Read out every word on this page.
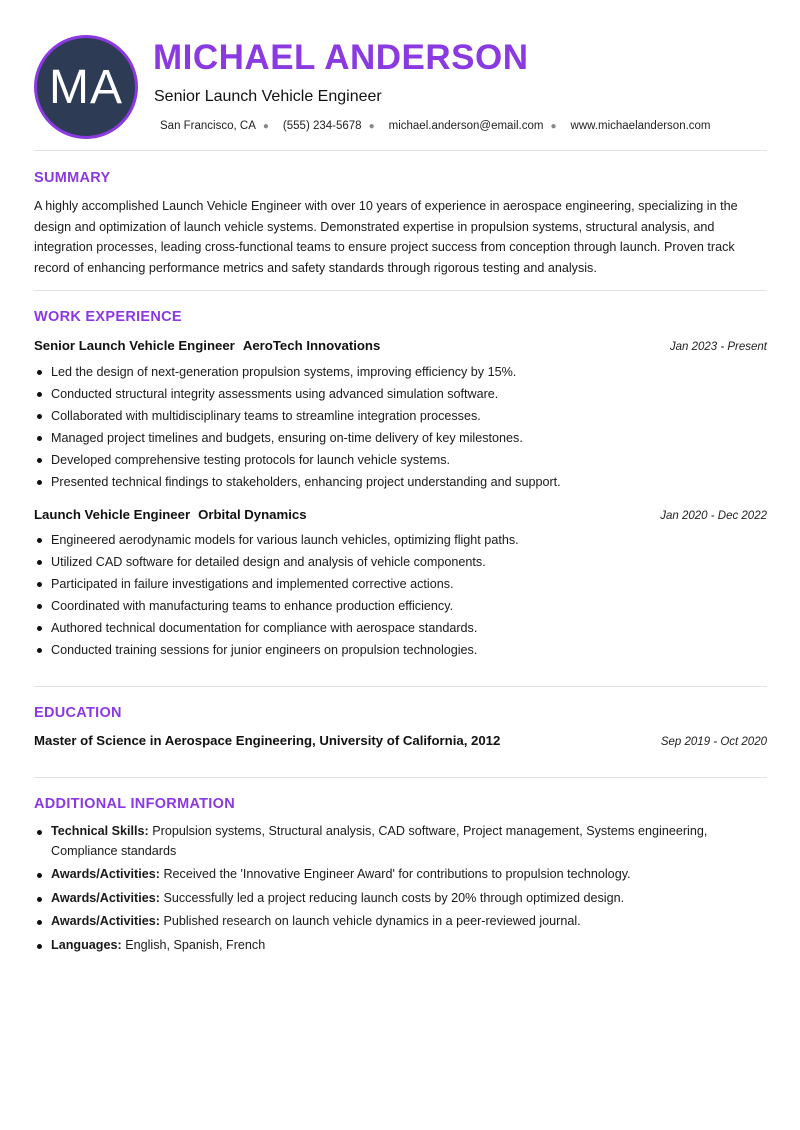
MA
MICHAEL ANDERSON
Senior Launch Vehicle Engineer
San Francisco, CA ● (555) 234-5678 ● michael.anderson@email.com ● www.michaelanderson.com
SUMMARY
A highly accomplished Launch Vehicle Engineer with over 10 years of experience in aerospace engineering, specializing in the design and optimization of launch vehicle systems. Demonstrated expertise in propulsion systems, structural analysis, and integration processes, leading cross-functional teams to ensure project success from conception through launch. Proven track record of enhancing performance metrics and safety standards through rigorous testing and analysis.
WORK EXPERIENCE
Senior Launch Vehicle Engineer AeroTech Innovations	Jan 2023 - Present
Led the design of next-generation propulsion systems, improving efficiency by 15%.
Conducted structural integrity assessments using advanced simulation software.
Collaborated with multidisciplinary teams to streamline integration processes.
Managed project timelines and budgets, ensuring on-time delivery of key milestones.
Developed comprehensive testing protocols for launch vehicle systems.
Presented technical findings to stakeholders, enhancing project understanding and support.
Launch Vehicle Engineer Orbital Dynamics	Jan 2020 - Dec 2022
Engineered aerodynamic models for various launch vehicles, optimizing flight paths.
Utilized CAD software for detailed design and analysis of vehicle components.
Participated in failure investigations and implemented corrective actions.
Coordinated with manufacturing teams to enhance production efficiency.
Authored technical documentation for compliance with aerospace standards.
Conducted training sessions for junior engineers on propulsion technologies.
EDUCATION
Master of Science in Aerospace Engineering, University of California, 2012	Sep 2019 - Oct 2020
ADDITIONAL INFORMATION
Technical Skills: Propulsion systems, Structural analysis, CAD software, Project management, Systems engineering, Compliance standards
Awards/Activities: Received the 'Innovative Engineer Award' for contributions to propulsion technology.
Awards/Activities: Successfully led a project reducing launch costs by 20% through optimized design.
Awards/Activities: Published research on launch vehicle dynamics in a peer-reviewed journal.
Languages: English, Spanish, French
